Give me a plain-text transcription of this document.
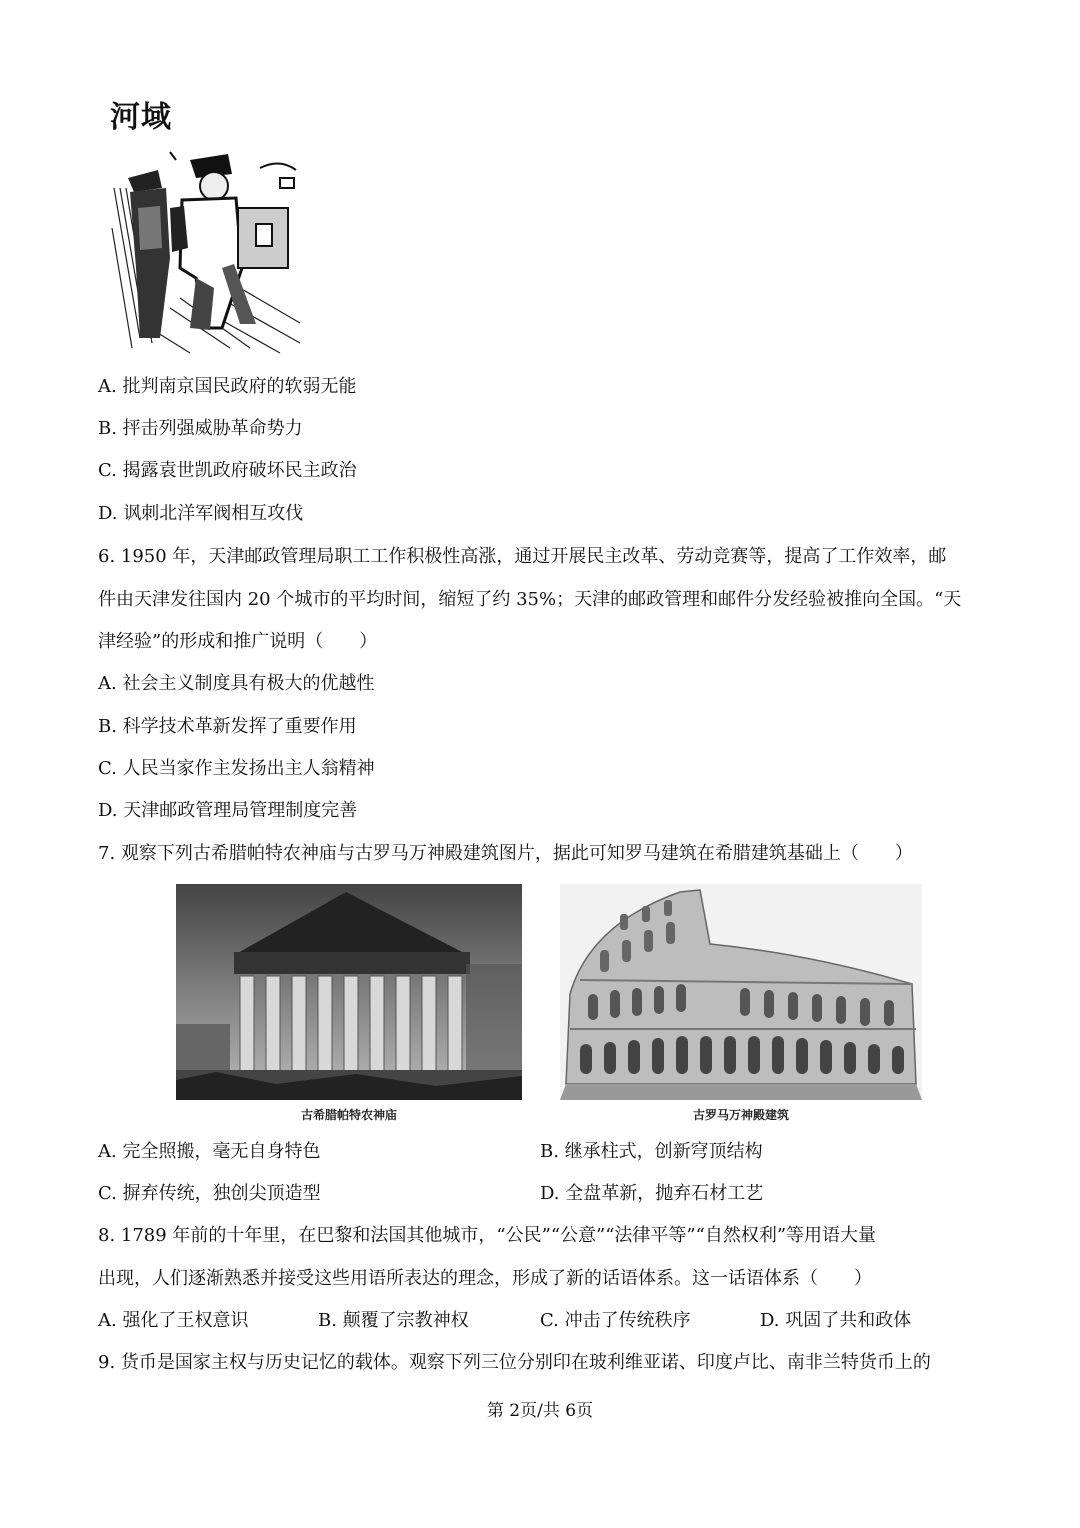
河域
A. 批判南京国民政府的软弱无能
B. 抨击列强威胁革命势力
C. 揭露袁世凯政府破坏民主政治
D. 讽刺北洋军阀相互攻伐
6. 1950 年，天津邮政管理局职工工作积极性高涨，通过开展民主改革、劳动竞赛等，提高了工作效率，邮
件由天津发往国内 20 个城市的平均时间，缩短了约 35%；天津的邮政管理和邮件分发经验被推向全国。“天
津经验”的形成和推广说明（　　）
A. 社会主义制度具有极大的优越性
B. 科学技术革新发挥了重要作用
C. 人民当家作主发扬出主人翁精神
D. 天津邮政管理局管理制度完善
7. 观察下列古希腊帕特农神庙与古罗马万神殿建筑图片，据此可知罗马建筑在希腊建筑基础上（　　）
古希腊帕特农神庙	古罗马万神殿建筑
A. 完全照搬，毫无自身特色	B. 继承柱式，创新穹顶结构
C. 摒弃传统，独创尖顶造型	D. 全盘革新，抛弃石材工艺
8. 1789 年前的十年里，在巴黎和法国其他城市，“公民”“公意”“法律平等”“自然权利”等用语大量
出现，人们逐渐熟悉并接受这些用语所表达的理念，形成了新的话语体系。这一话语体系（　　）
A. 强化了王权意识	B. 颠覆了宗教神权	C. 冲击了传统秩序	D. 巩固了共和政体
9. 货币是国家主权与历史记忆的载体。观察下列三位分别印在玻利维亚诺、印度卢比、南非兰特货币上的
第 2页/共 6页
